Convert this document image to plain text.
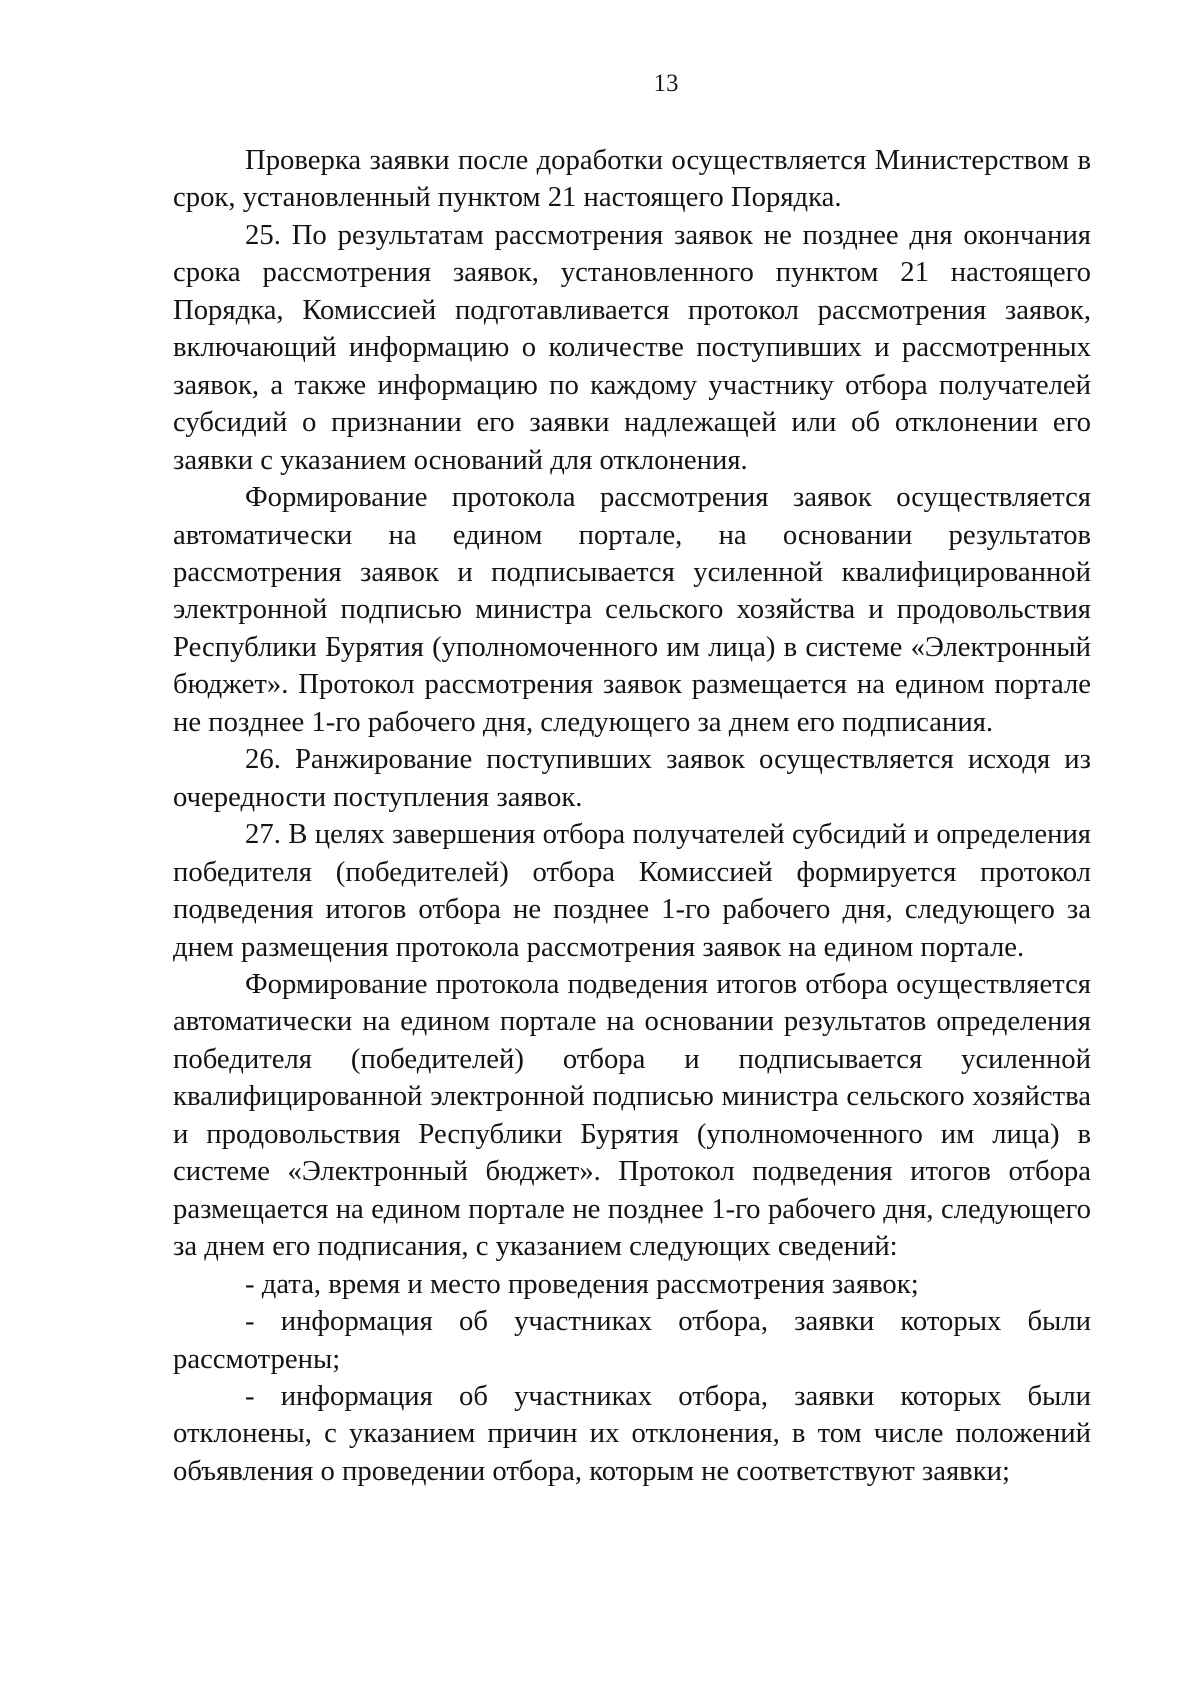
13

Проверка заявки после доработки осуществляется Министерством в срок, установленный пунктом 21 настоящего Порядка.

25. По результатам рассмотрения заявок не позднее дня окончания срока рассмотрения заявок, установленного пунктом 21 настоящего Порядка, Комиссией подготавливается протокол рассмотрения заявок, включающий информацию о количестве поступивших и рассмотренных заявок, а также информацию по каждому участнику отбора получателей субсидий о признании его заявки надлежащей или об отклонении его заявки с указанием оснований для отклонения.

Формирование протокола рассмотрения заявок осуществляется автоматически на едином портале, на основании результатов рассмотрения заявок и подписывается усиленной квалифицированной электронной подписью министра сельского хозяйства и продовольствия Республики Бурятия (уполномоченного им лица) в системе «Электронный бюджет». Протокол рассмотрения заявок размещается на едином портале не позднее 1-го рабочего дня, следующего за днем его подписания.

26. Ранжирование поступивших заявок осуществляется исходя из очередности поступления заявок.

27. В целях завершения отбора получателей субсидий и определения победителя (победителей) отбора Комиссией формируется протокол подведения итогов отбора не позднее 1-го рабочего дня, следующего за днем размещения протокола рассмотрения заявок на едином портале.

Формирование протокола подведения итогов отбора осуществляется автоматически на едином портале на основании результатов определения победителя (победителей) отбора и подписывается усиленной квалифицированной электронной подписью министра сельского хозяйства и продовольствия Республики Бурятия (уполномоченного им лица) в системе «Электронный бюджет». Протокол подведения итогов отбора размещается на едином портале не позднее 1-го рабочего дня, следующего за днем его подписания, с указанием следующих сведений:

- дата, время и место проведения рассмотрения заявок;

- информация об участниках отбора, заявки которых были рассмотрены;

- информация об участниках отбора, заявки которых были отклонены, с указанием причин их отклонения, в том числе положений объявления о проведении отбора, которым не соответствуют заявки;
